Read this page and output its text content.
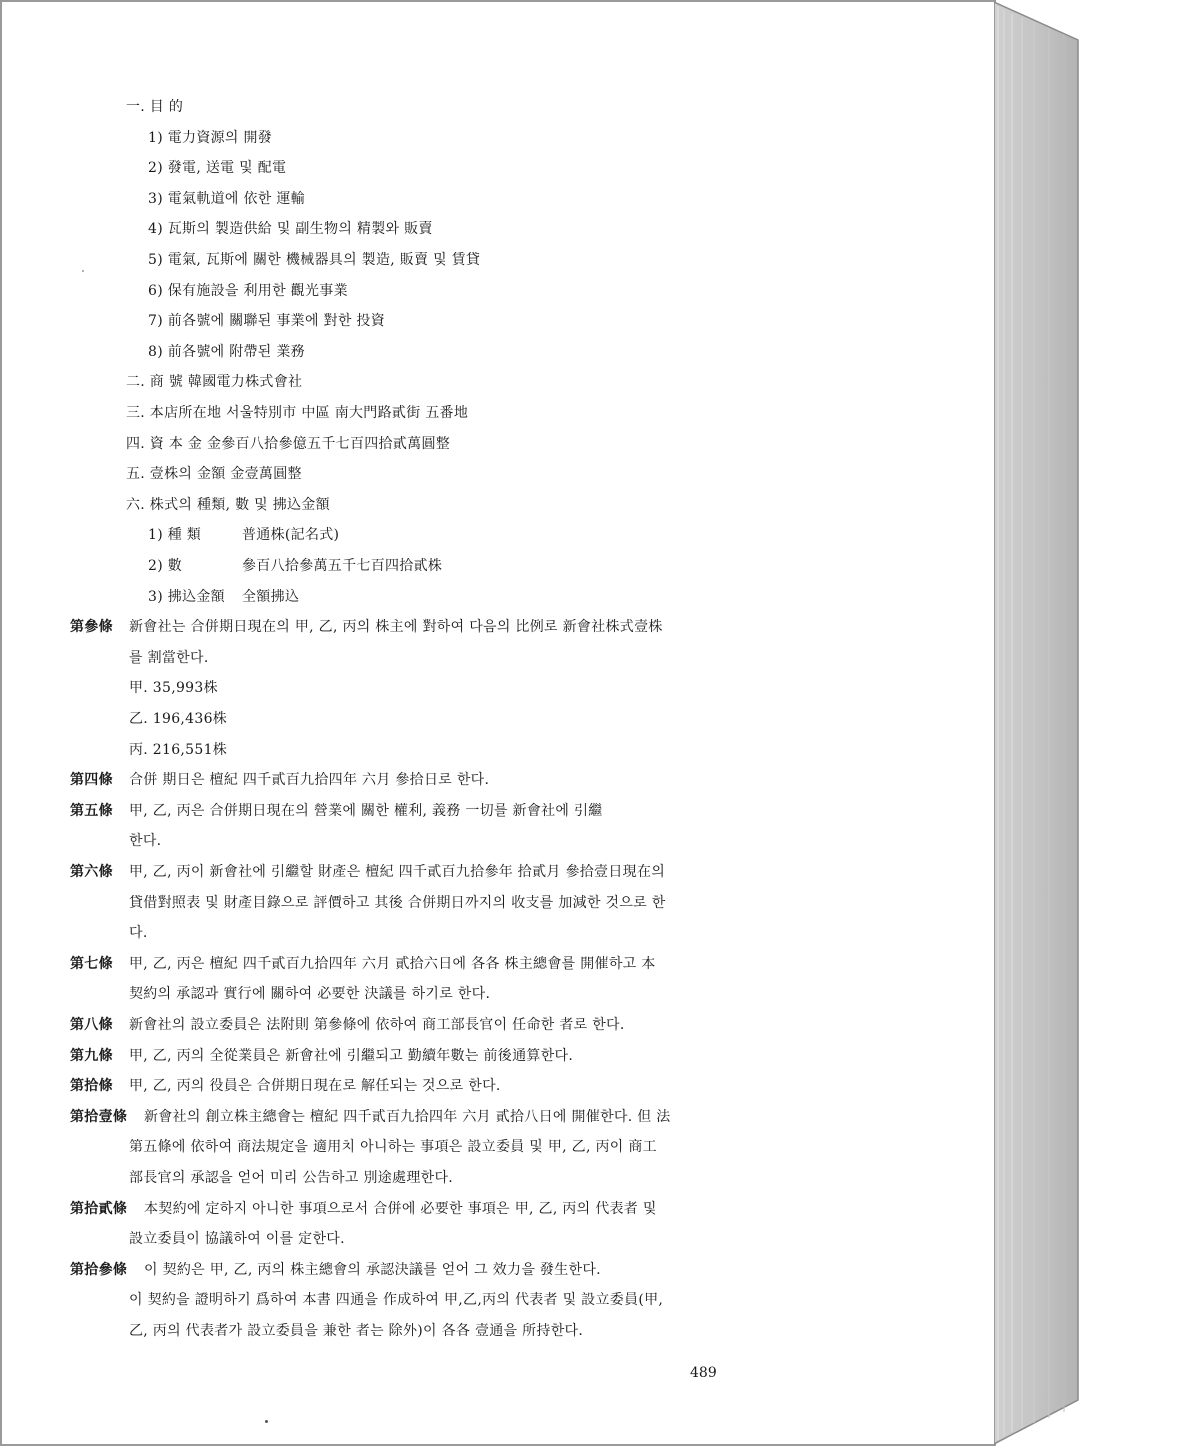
一. 目 的
1) 電力資源의 開發
2) 發電, 送電 및 配電
3) 電氣軌道에 依한 運輸
4) 瓦斯의 製造供給 및 副生物의 精製와 販賣
5) 電氣, 瓦斯에 關한 機械器具의 製造, 販賣 및 賃貸
6) 保有施設을 利用한 觀光事業
7) 前各號에 關聯된 事業에 對한 投資
8) 前各號에 附帶된 業務
二. 商 號 韓國電力株式會社
三. 本店所在地 서울特別市 中區 南大門路貳街 五番地
四. 資 本 金 金參百八拾參億五千七百四拾貳萬圓整
五. 壹株의 金額 金壹萬圓整
六. 株式의 種類, 數 및 拂込金額
1) 種 類	普通株(記名式)
2) 數	參百八拾參萬五千七百四拾貳株
3) 拂込金額 全額拂込
第參條 新會社는 合併期日現在의 甲, 乙, 丙의 株主에 對하여 다음의 比例로 新會社株式壹株
를 割當한다.
甲. 35,993株
乙. 196,436株
丙. 216,551株
第四條 合併 期日은 檀紀 四千貳百九拾四年 六月 參拾日로 한다.
第五條 甲, 乙, 丙은 合併期日現在의 營業에 關한 權利, 義務 一切를 新會社에 引繼
한다.
第六條 甲, 乙, 丙이 新會社에 引繼할 財產은 檀紀 四千貳百九拾參年 拾貳月 參拾壹日現在의
貸借對照表 및 財產目錄으로 評價하고 其後 合併期日까지의 收支를 加減한 것으로 한
다.
第七條 甲, 乙, 丙은 檀紀 四千貳百九拾四年 六月 貳拾六日에 各各 株主總會를 開催하고 本
契約의 承認과 實行에 關하여 必要한 決議를 하기로 한다.
第八條 新會社의 設立委員은 法附則 第參條에 依하여 商工部長官이 任命한 者로 한다.
第九條 甲, 乙, 丙의 全從業員은 新會社에 引繼되고 勤續年數는 前後通算한다.
第拾條 甲, 乙, 丙의 役員은 合併期日現在로 解任되는 것으로 한다.
第拾壹條 新會社의 創立株主總會는 檀紀 四千貳百九拾四年 六月 貳拾八日에 開催한다. 但 法
第五條에 依하여 商法規定을 適用치 아니하는 事項은 設立委員 및 甲, 乙, 丙이 商工
部長官의 承認을 얻어 미리 公告하고 別途處理한다.
第拾貳條 本契約에 定하지 아니한 事項으로서 合併에 必要한 事項은 甲, 乙, 丙의 代表者 및
設立委員이 協議하여 이를 定한다.
第拾參條 이 契約은 甲, 乙, 丙의 株主總會의 承認決議를 얻어 그 效力을 發生한다.
이 契約을 證明하기 爲하여 本書 四通을 作成하여 甲,乙,丙의 代表者 및 設立委員(甲,
乙, 丙의 代表者가 設立委員을 兼한 者는 除外)이 各各 壹通을 所持한다.
489
